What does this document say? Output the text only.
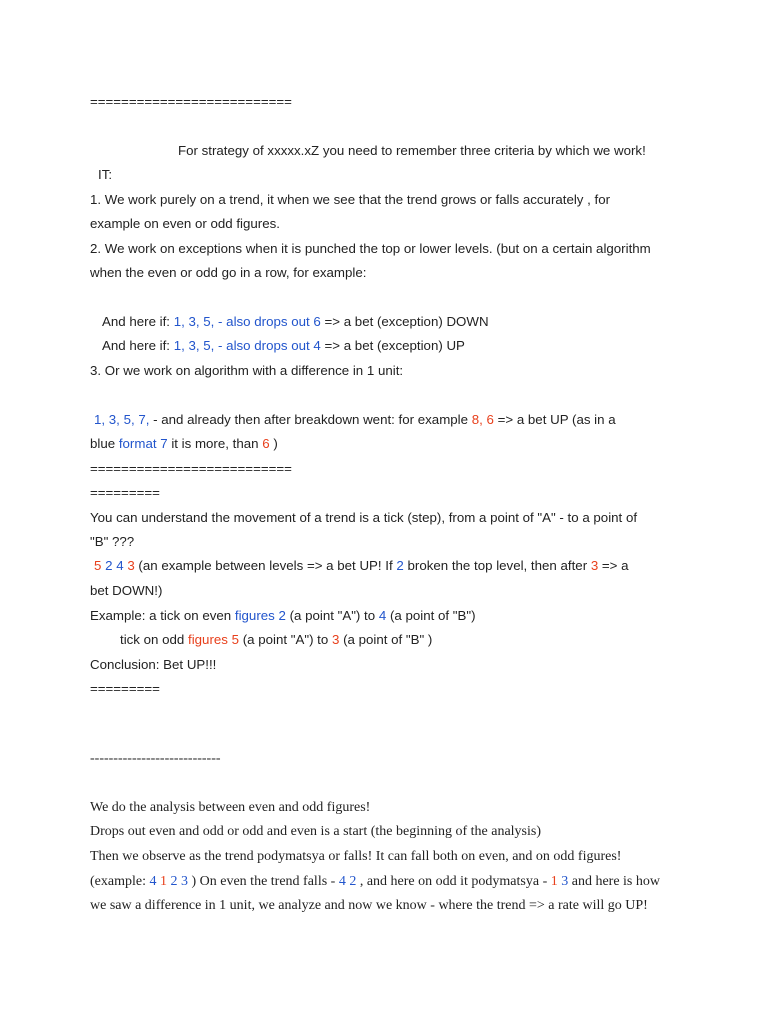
==========================
For strategy of xxxxx.xZ you need to remember three criteria by which we work!
IT:
1. We work purely on a trend, it when we see that the trend grows or falls accurately , for
example on even or odd figures.
2. We work on exceptions when it is punched the top or lower levels. (but on a certain algorithm
when the even or odd go in a row, for example:
And here if: 1, 3, 5, - also drops out 6 => a bet (exception) DOWN
And here if: 1, 3, 5, - also drops out 4 => a bet (exception) UP
3. Or we work on algorithm with a difference in 1 unit:
1, 3, 5, 7, - and already then after breakdown went: for example 8, 6 => a bet UP (as in a
blue format 7 it is more, than 6 )
==========================
=========
You can understand the movement of a trend is a tick (step), from a point of "A" - to a point of
"B" ???
5 2 4 3 (an example between levels => a bet UP! If 2 broken the top level, then after 3 => a
bet DOWN!)
Example: a tick on even figures 2 (a point "A") to 4 (a point of "B")
tick on odd figures 5 (a point "A") to 3 (a point of "B" )
Conclusion: Bet UP!!!
=========
----------------------------
We do the analysis between even and odd figures!
Drops out even and odd or odd and even is a start (the beginning of the analysis)
Then we observe as the trend podymatsya or falls! It can fall both on even, and on odd figures!
(example: 4 1 2 3 ) On even the trend falls - 4 2 , and here on odd it podymatsya - 1 3 and here is how
we saw a difference in 1 unit, we analyze and now we know - where the trend => a rate will go UP!
